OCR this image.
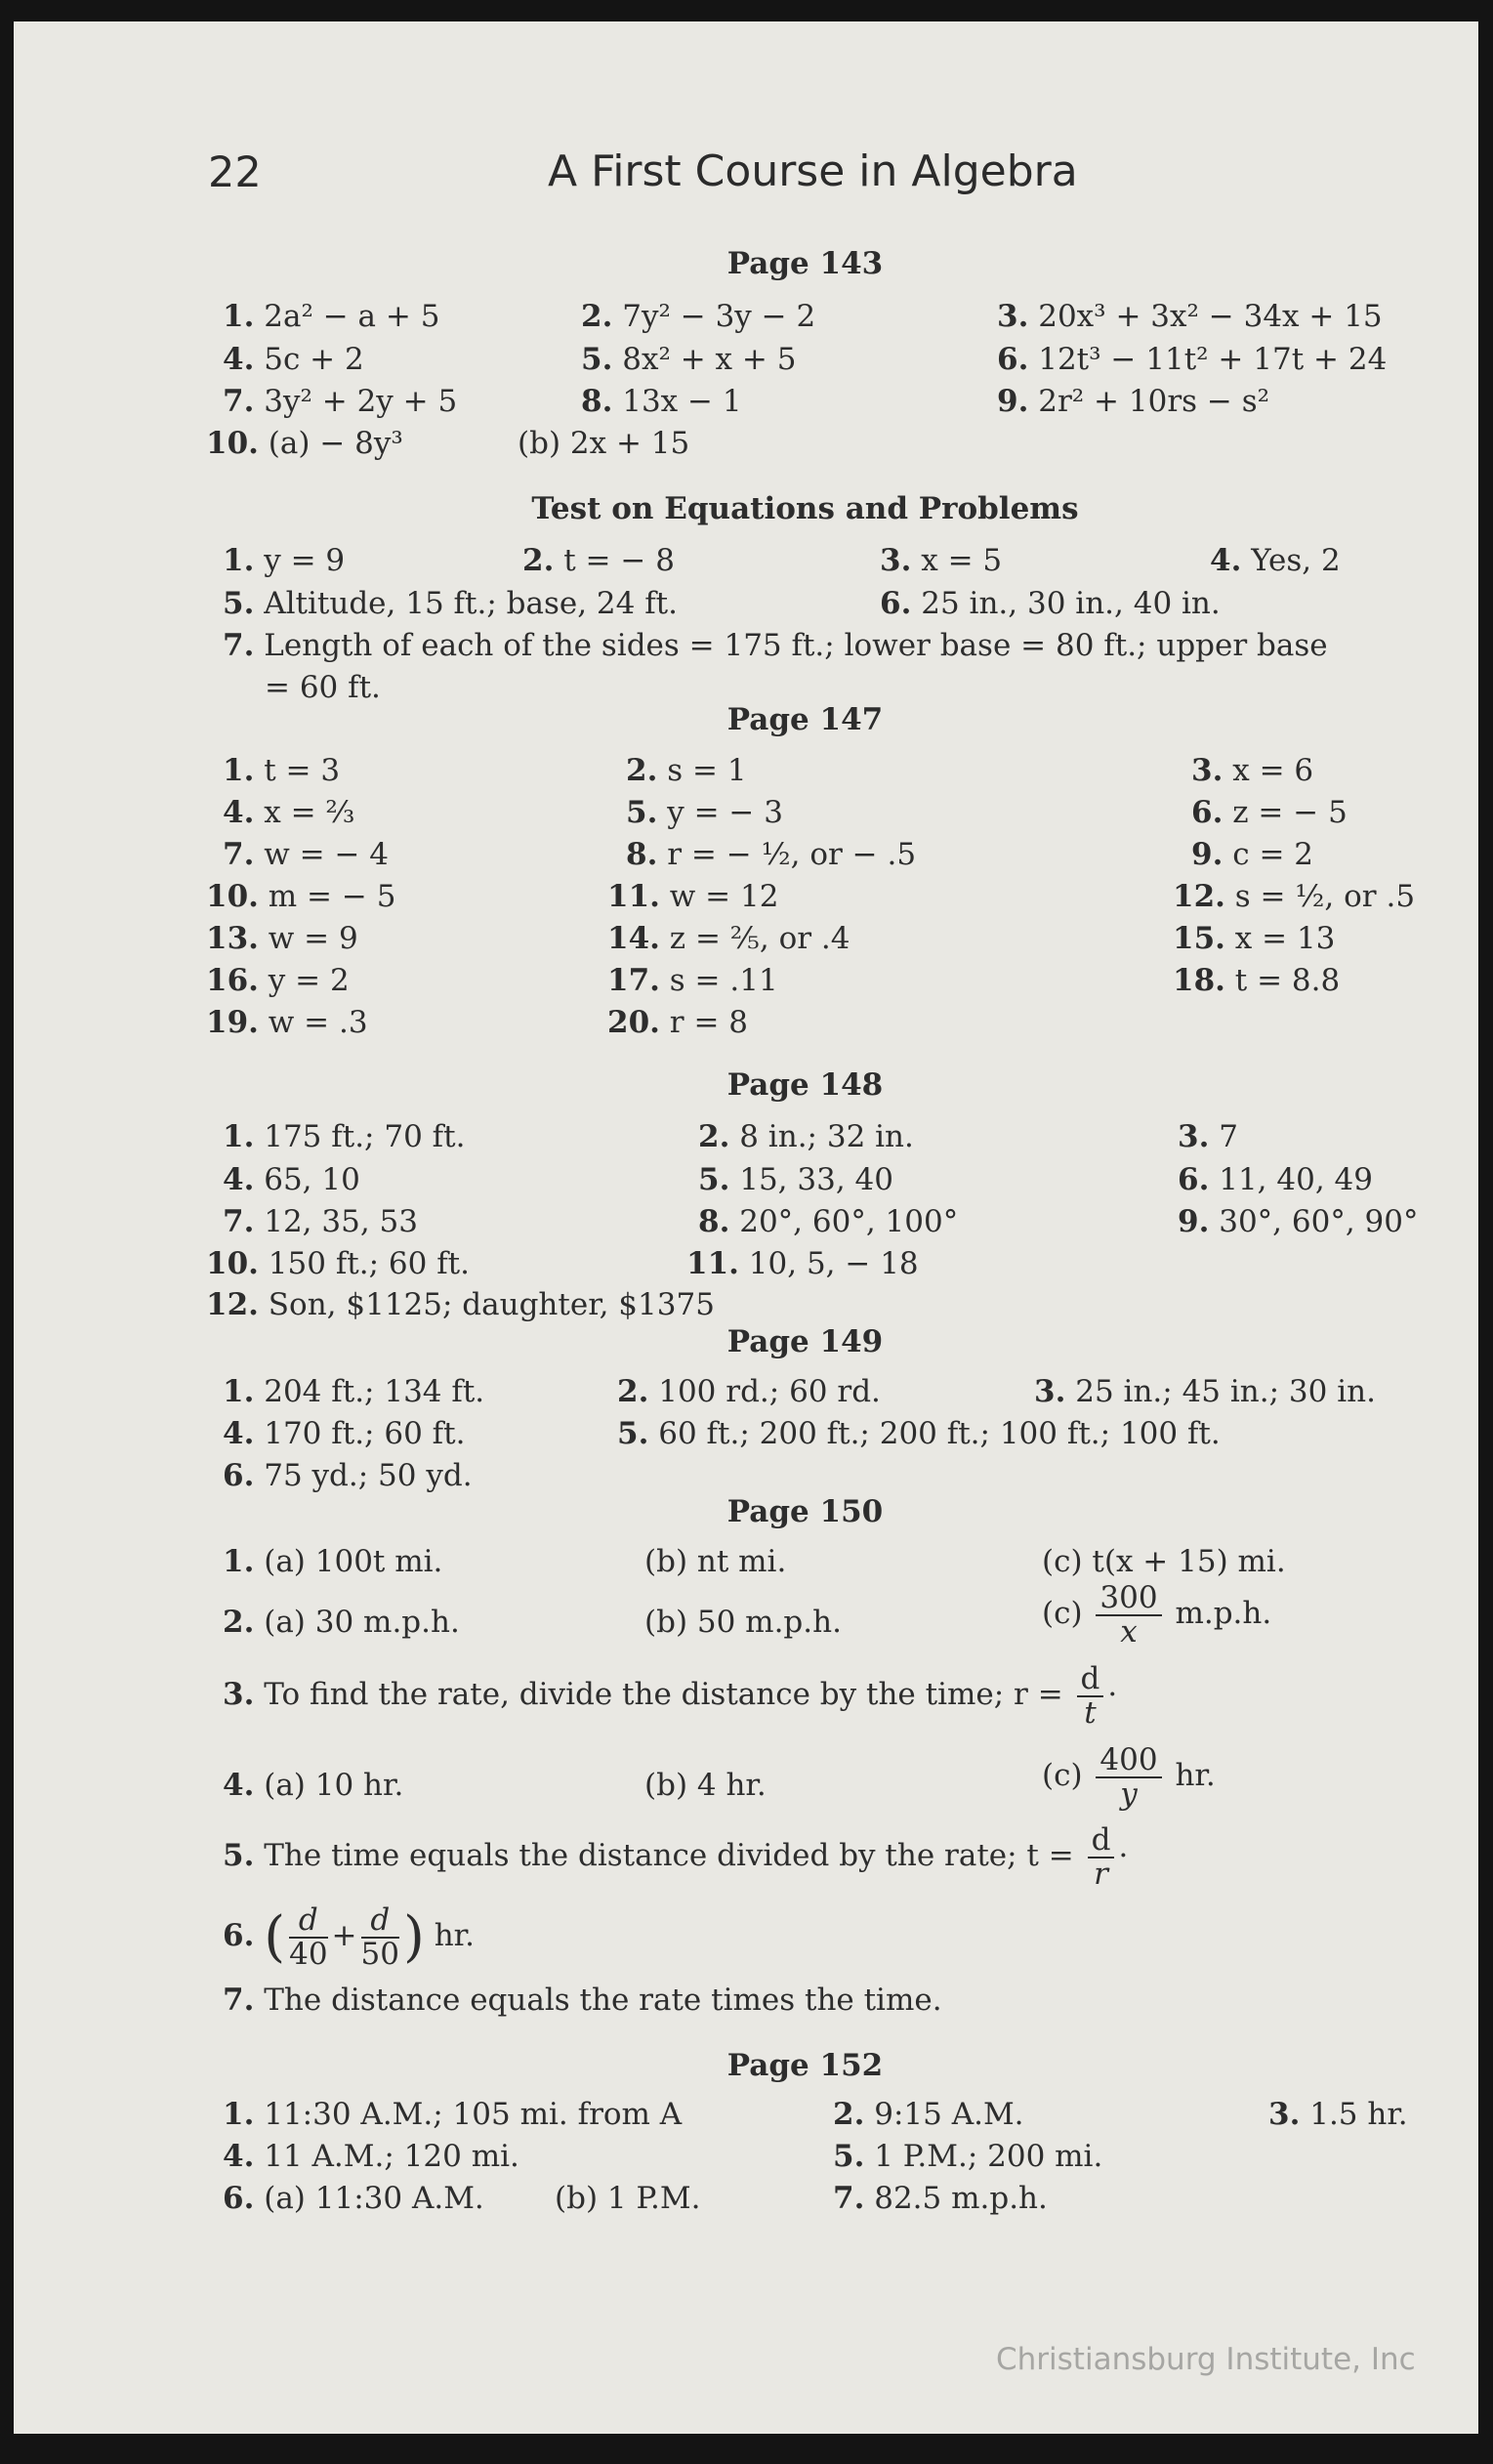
22	A First Course in Algebra
Page 143
Test on Equations and Problems
Page 147
Page 148
Page 149
Page 150
Page 152
1. 2a² − a + 5	2. 7y² − 3y − 2	3. 20x³ + 3x² − 34x + 15
4. 5c + 2	5. 8x² + x + 5	6. 12t³ − 11t² + 17t + 24
7. 3y² + 2y + 5	8. 13x − 1	9. 2r² + 10rs − s²
10. (a) − 8y³	(b) 2x + 15
1. y = 9	2. t = − 8	3. x = 5	4. Yes, 2
5. Altitude, 15 ft.; base, 24 ft.	6. 25 in., 30 in., 40 in.
7. Length of each of the sides = 175 ft.; lower base = 80 ft.; upper base
= 60 ft.
1. t = 3	2. s = 1	3. x = 6
4. x = ⅔	5. y = − 3	6. z = − 5
7. w = − 4	8. r = − ½, or − .5	9. c = 2
10. m = − 5	11. w = 12	12. s = ½, or .5
13. w = 9	14. z = ⅖, or .4	15. x = 13
16. y = 2	17. s = .11	18. t = 8.8
19. w = .3	20. r = 8
1. 175 ft.; 70 ft.	2. 8 in.; 32 in.	3. 7
4. 65, 10	5. 15, 33, 40	6. 11, 40, 49
7. 12, 35, 53	8. 20°, 60°, 100°	9. 30°, 60°, 90°
10. 150 ft.; 60 ft.	11. 10, 5, − 18
12. Son, $1125; daughter, $1375
1. 204 ft.; 134 ft.	2. 100 rd.; 60 rd.	3. 25 in.; 45 in.; 30 in.
4. 170 ft.; 60 ft.	5. 60 ft.; 200 ft.; 200 ft.; 100 ft.; 100 ft.
6. 75 yd.; 50 yd.
1. (a) 100t mi.	(b) nt mi.	(c) t(x + 15) mi.
2. (a) 30 m.p.h.	(b) 50 m.p.h.	$(c) \frac{300}{x} m.p.h$.
3. To find the rate, divide the distance by the time; $r = \frac{d}{t}$ ·
4. (a) 10 hr.	(b) 4 hr.	$(c) \frac{400}{y}$ hr.
5. The time equals the distance divided by the rate; $t = \frac{d}{r}$ ·
6. ( $\frac{d}{40} + \frac{d}{50}$ ) hr.
7. The distance equals the rate times the time.
1. 11:30 A.M.; 105 mi. from A	2. 9:15 A.M.	3. 1.5 hr.
4. 11 A.M.; 120 mi.	5. 1 P.M.; 200 mi.
6. (a) 11:30 A.M. (b) 1 P.M.	7. 82.5 m.p.h.
Christiansburg Institute, Inc
